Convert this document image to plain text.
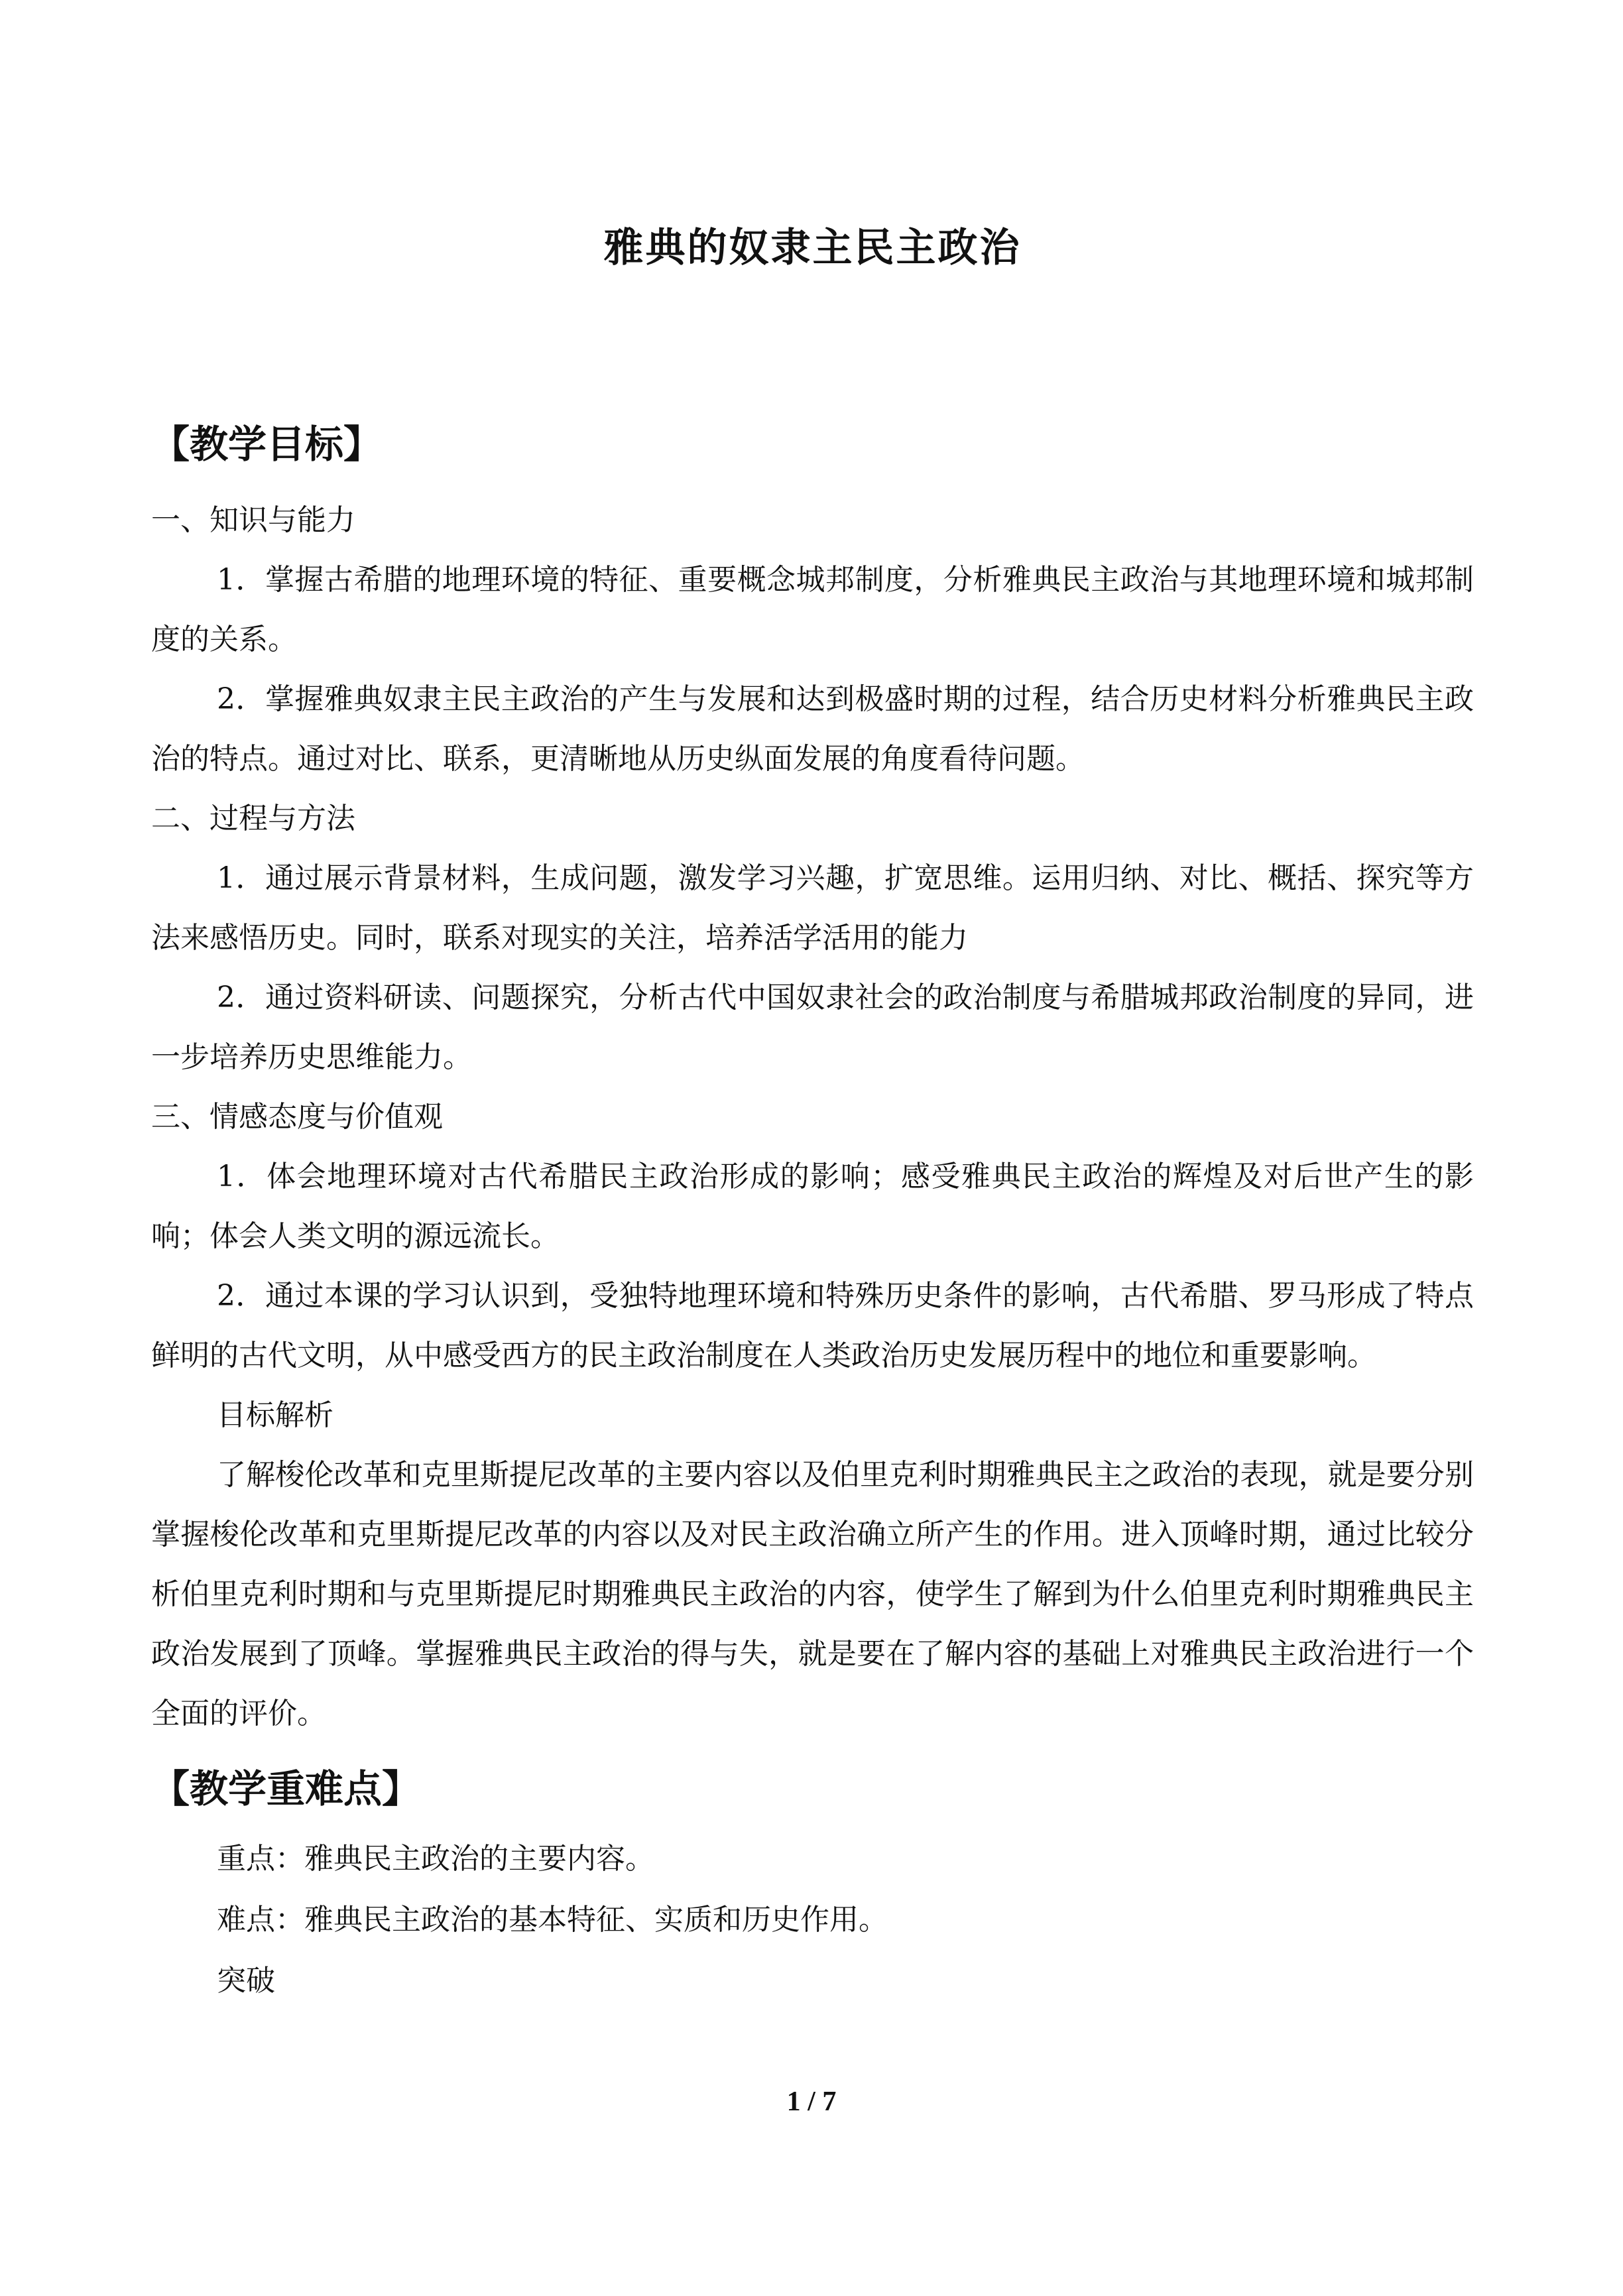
雅典的奴隶主民主政治
【教学目标】

一、知识与能力

1．掌握古希腊的地理环境的特征、重要概念城邦制度，分析雅典民主政治与其地理环境和城邦制度的关系。

2．掌握雅典奴隶主民主政治的产生与发展和达到极盛时期的过程，结合历史材料分析雅典民主政治的特点。通过对比、联系，更清晰地从历史纵面发展的角度看待问题。

二、过程与方法

1．通过展示背景材料，生成问题，激发学习兴趣，扩宽思维。运用归纳、对比、概括、探究等方法来感悟历史。同时，联系对现实的关注，培养活学活用的能力

2．通过资料研读、问题探究，分析古代中国奴隶社会的政治制度与希腊城邦政治制度的异同，进一步培养历史思维能力。

三、情感态度与价值观

1．体会地理环境对古代希腊民主政治形成的影响；感受雅典民主政治的辉煌及对后世产生的影响；体会人类文明的源远流长。

2．通过本课的学习认识到，受独特地理环境和特殊历史条件的影响，古代希腊、罗马形成了特点鲜明的古代文明，从中感受西方的民主政治制度在人类政治历史发展历程中的地位和重要影响。

目标解析

了解梭伦改革和克里斯提尼改革的主要内容以及伯里克利时期雅典民主之政治的表现，就是要分别掌握梭伦改革和克里斯提尼改革的内容以及对民主政治确立所产生的作用。进入顶峰时期，通过比较分析伯里克利时期和与克里斯提尼时期雅典民主政治的内容，使学生了解到为什么伯里克利时期雅典民主政治发展到了顶峰。掌握雅典民主政治的得与失，就是要在了解内容的基础上对雅典民主政治进行一个全面的评价。

【教学重难点】

重点：雅典民主政治的主要内容。

难点：雅典民主政治的基本特征、实质和历史作用。

突破

1 / 7
